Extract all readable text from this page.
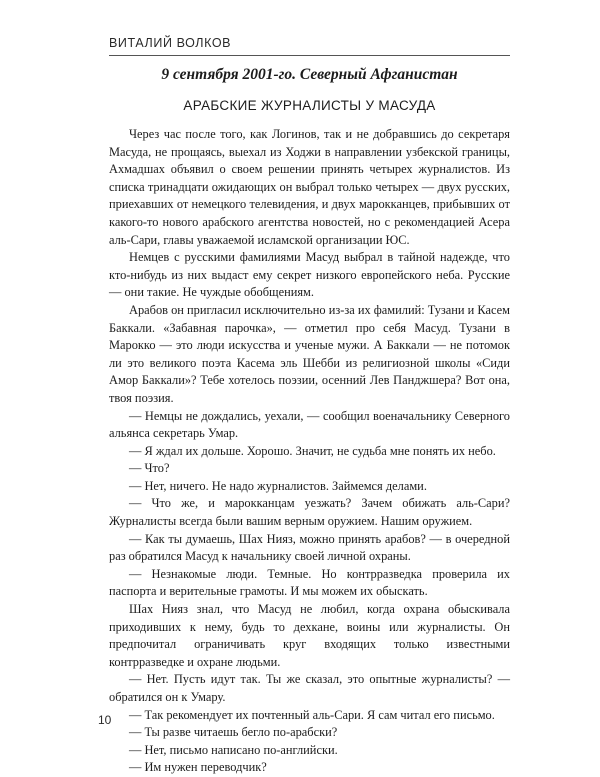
ВИТАЛИЙ ВОЛКОВ
9 сентября 2001-го. Северный Афганистан
АРАБСКИЕ ЖУРНАЛИСТЫ У МАСУДА

Через час после того, как Логинов, так и не добравшись до секретаря Масуда, не прощаясь, выехал из Ходжи в направлении узбекской границы, Ахмадшах объявил о своем решении принять четырех журналистов. Из списка тринадцати ожидающих он выбрал только четырех — двух русских, приехавших от немецкого телевидения, и двух марокканцев, прибывших от какого-то нового арабского агентства новостей, но с рекомендацией Асера аль-Сари, главы уважаемой исламской организации ЮС.

Немцев с русскими фамилиями Масуд выбрал в тайной надежде, что кто-нибудь из них выдаст ему секрет низкого европейского неба. Русские — они такие. Не чуждые обобщениям.

Арабов он пригласил исключительно из-за их фамилий: Тузани и Касем Баккали. «Забавная парочка», — отметил про себя Масуд. Тузани в Марокко — это люди искусства и ученые мужи. А Баккали — не потомок ли это великого поэта Касема эль Шебби из религиозной школы «Сиди Амор Баккали»? Тебе хотелось поэзии, осенний Лев Панджшера? Вот она, твоя поэзия.

— Немцы не дождались, уехали, — сообщил военачальнику Северного альянса секретарь Умар.

— Я ждал их дольше. Хорошо. Значит, не судьба мне понять их небо.

— Что?

— Нет, ничего. Не надо журналистов. Займемся делами.

— Что же, и марокканцам уезжать? Зачем обижать аль-Сари? Журналисты всегда были вашим верным оружием. Нашим оружием.

— Как ты думаешь, Шах Нияз, можно принять арабов? — в очередной раз обратился Масуд к начальнику своей личной охраны.

— Незнакомые люди. Темные. Но контрразведка проверила их паспорта и верительные грамоты. И мы можем их обыскать.

Шах Нияз знал, что Масуд не любил, когда охрана обыскивала приходивших к нему, будь то дехкане, воины или журналисты. Он предпочитал ограничивать круг входящих только известными контрразведке и охране людьми.

— Нет. Пусть идут так. Ты же сказал, это опытные журналисты? — обратился он к Умару.

— Так рекомендует их почтенный аль-Сари. Я сам читал его письмо.

— Ты разве читаешь бегло по-арабски?

— Нет, письмо написано по-английски.

— Им нужен переводчик?

10
